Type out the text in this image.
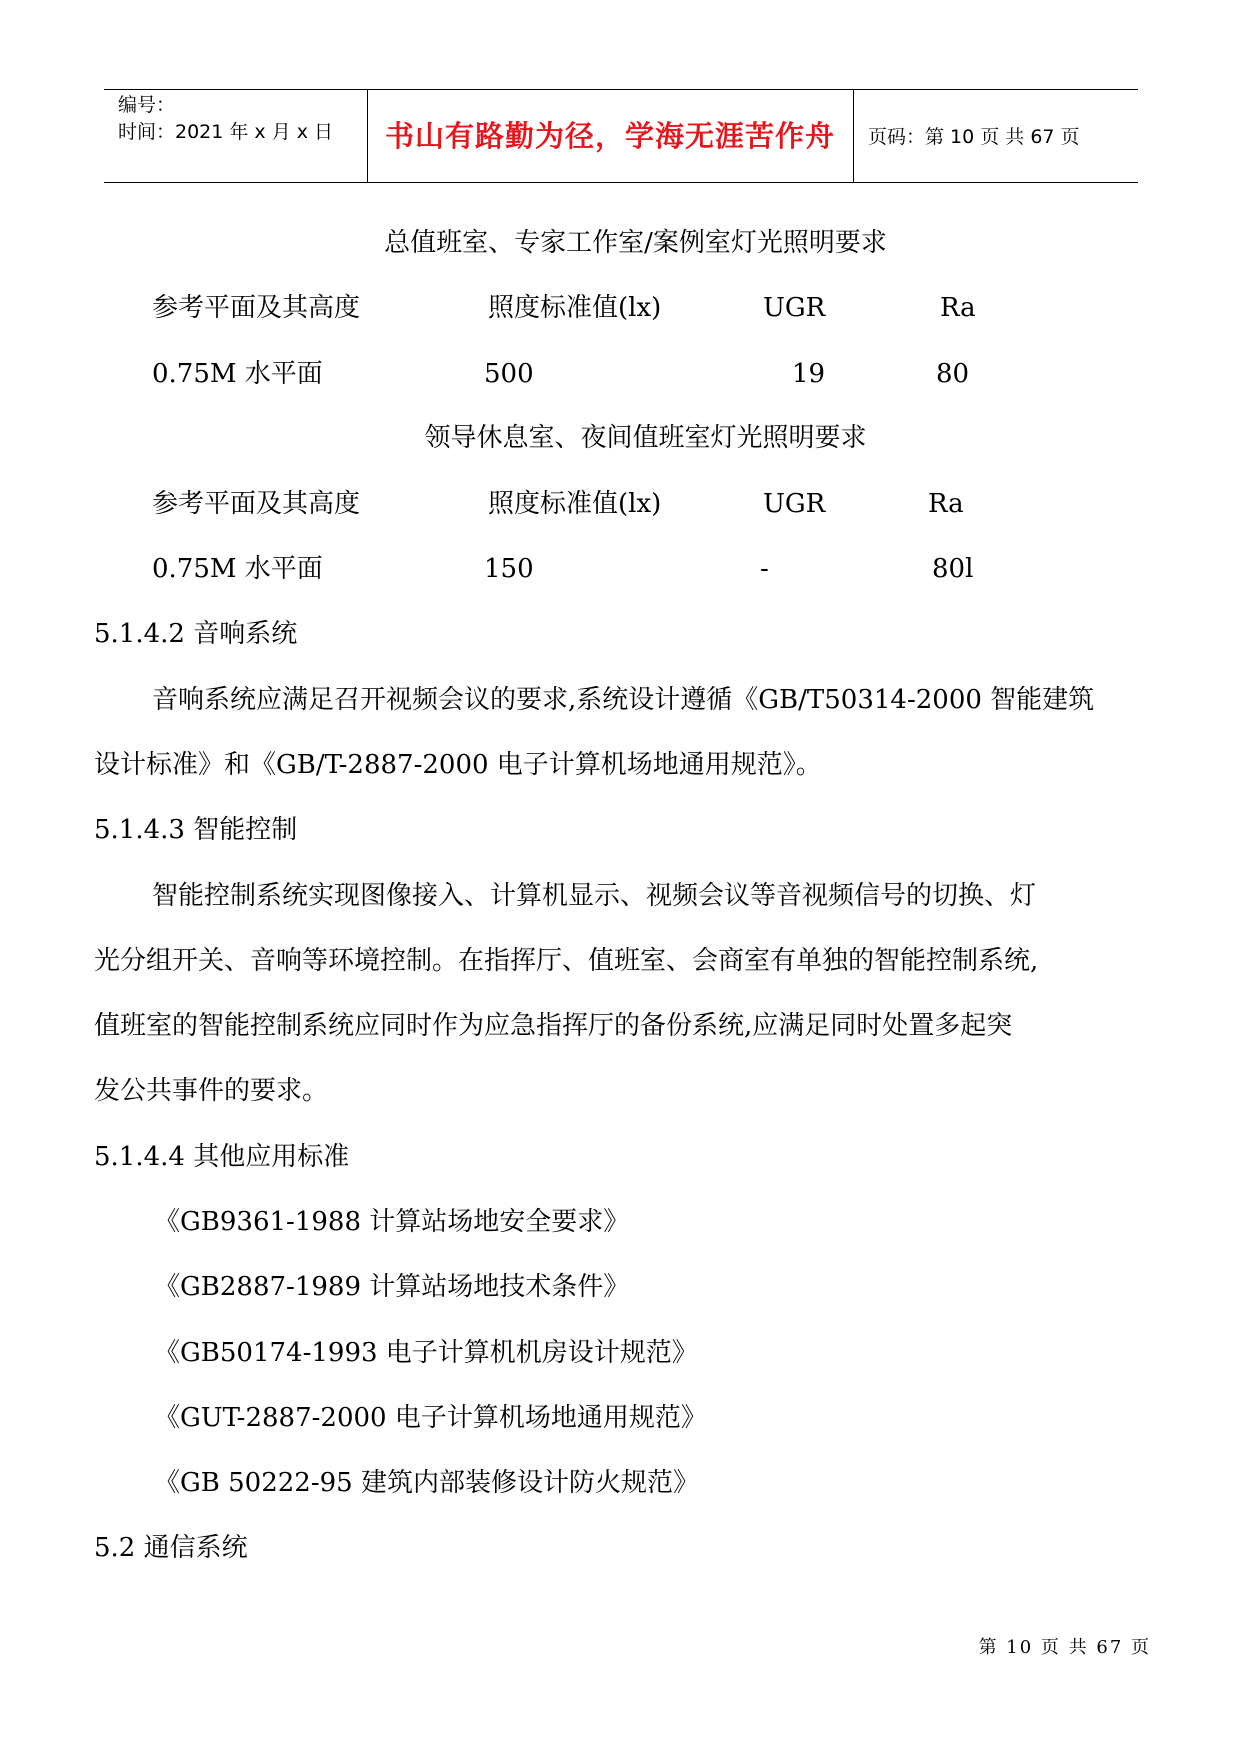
编号：
时间：2021 年 x 月 x 日	书山有路勤为径，学海无涯苦作舟	页码：第 10 页 共 67 页
总值班室、专家工作室/案例室灯光照明要求
参考平面及其高度	照度标准值(lx)	UGR	Ra
0.75M 水平面	500	19	80
领导休息室、夜间值班室灯光照明要求
参考平面及其高度	照度标准值(lx)	UGR	Ra
0.75M 水平面	150	-	80l
5.1.4.2 音响系统
音响系统应满足召开视频会议的要求,系统设计遵循《GB/T50314-2000 智能建筑
设计标准》和《GB/T-2887-2000 电子计算机场地通用规范》。
5.1.4.3 智能控制
智能控制系统实现图像接入、计算机显示、视频会议等音视频信号的切换、灯
光分组开关、音响等环境控制。在指挥厅、值班室、会商室有单独的智能控制系统,
值班室的智能控制系统应同时作为应急指挥厅的备份系统,应满足同时处置多起突
发公共事件的要求。
5.1.4.4 其他应用标准
《GB9361-1988 计算站场地安全要求》
《GB2887-1989 计算站场地技术条件》
《GB50174-1993 电子计算机机房设计规范》
《GUT-2887-2000 电子计算机场地通用规范》
《GB 50222-95 建筑内部装修设计防火规范》
5.2 通信系统
第 10 页 共 67 页
